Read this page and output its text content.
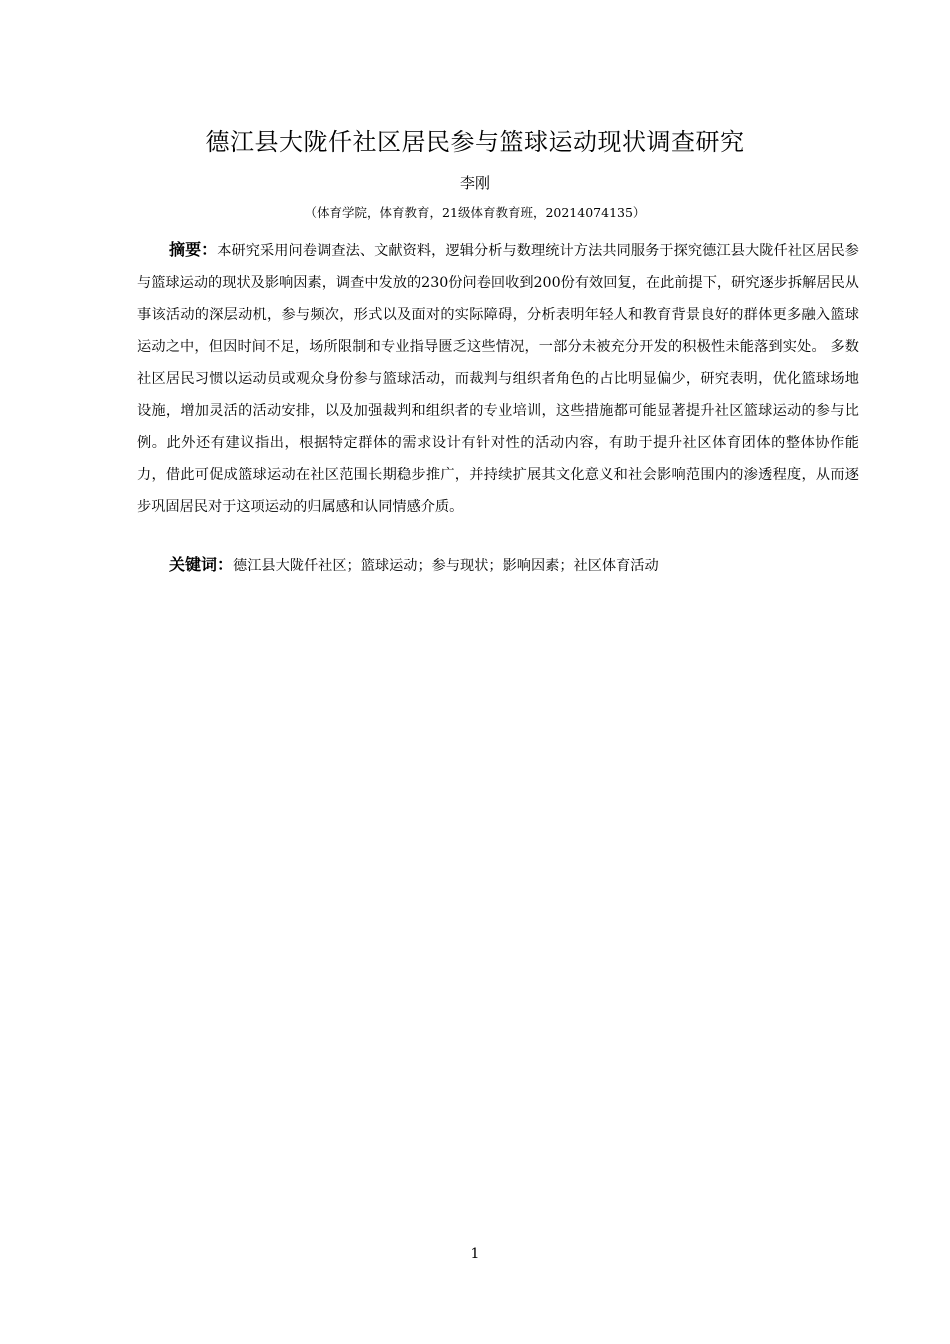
德江县大陇仟社区居民参与篮球运动现状调查研究
李刚
（体育学院，体育教育，21级体育教育班，20214074135）

摘要：本研究采用问卷调查法、文献资料，逻辑分析与数理统计方法共同服务于探究德江县大陇仟社区居民参与篮球运动的现状及影响因素，调查中发放的230份问卷回收到200份有效回复，在此前提下，研究逐步拆解居民从事该活动的深层动机，参与频次，形式以及面对的实际障碍，分析表明年轻人和教育背景良好的群体更多融入篮球运动之中，但因时间不足，场所限制和专业指导匮乏这些情况，一部分未被充分开发的积极性未能落到实处。 多数社区居民习惯以运动员或观众身份参与篮球活动，而裁判与组织者角色的占比明显偏少，研究表明，优化篮球场地设施，增加灵活的活动安排，以及加强裁判和组织者的专业培训，这些措施都可能显著提升社区篮球运动的参与比例。此外还有建议指出，根据特定群体的需求设计有针对性的活动内容，有助于提升社区体育团体的整体协作能力，借此可促成篮球运动在社区范围长期稳步推广，并持续扩展其文化意义和社会影响范围内的渗透程度，从而逐步巩固居民对于这项运动的归属感和认同情感介质。

关键词：德江县大陇仟社区；篮球运动；参与现状；影响因素；社区体育活动

1
